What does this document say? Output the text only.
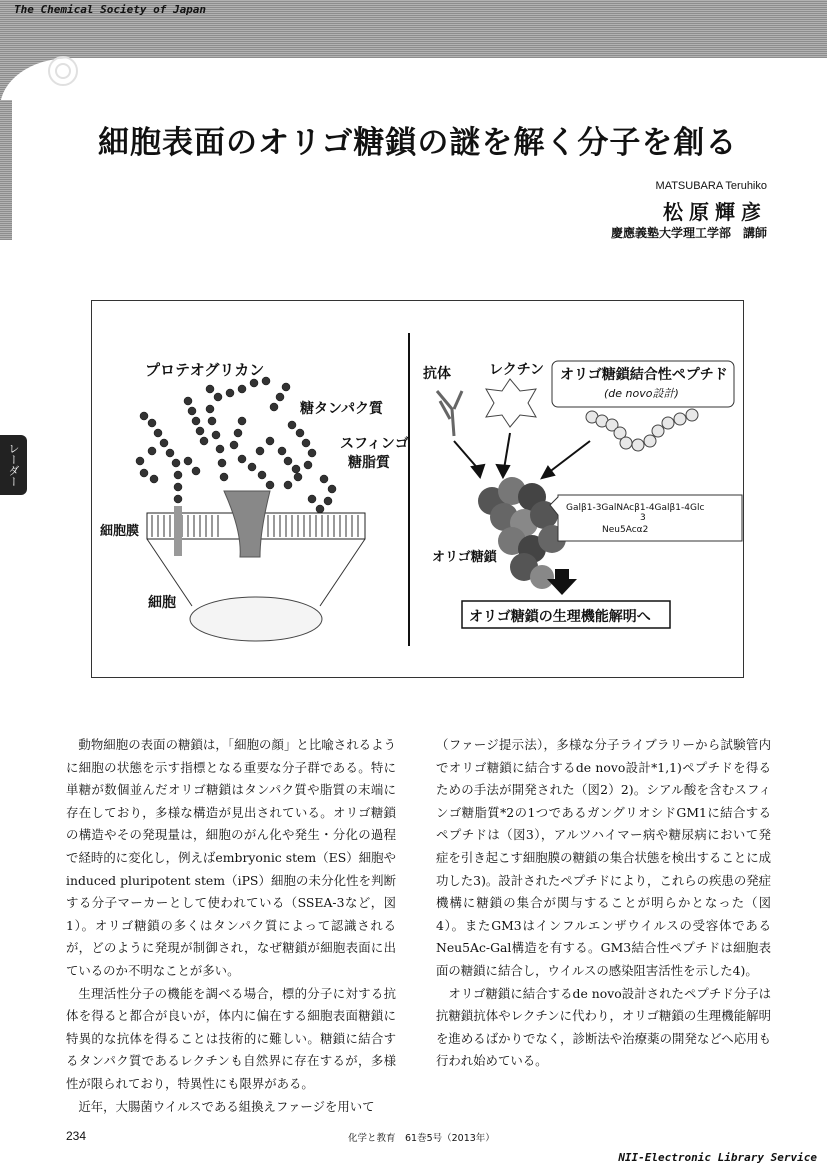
The Chemical Society of Japan
レーダー
細胞表面のオリゴ糖鎖の謎を解く分子を創る
MATSUBARA Teruhiko
松原輝彦
慶應義塾大学理工学部　講師
レーダー
プロテオグリカン
糖タンパク質
スフィンゴ
糖脂質
細胞膜
細胞
抗体	レクチン オリゴ糖鎖結合性ペプチド
(de novo設計)
Galβ1-3GalNAcβ1-4Galβ1-4Glc
3
Neu5Acα2
オリゴ糖鎖
オリゴ糖鎖の生理機能解明へ

動物細胞の表面の糖鎖は，「細胞の顔」と比喩されるように細胞の状態を示す指標となる重要な分子群である。特に単糖が数個並んだオリゴ糖鎖はタンパク質や脂質の末端に存在しており，多様な構造が見出されている。オリゴ糖鎖の構造やその発現量は，細胞のがん化や発生・分化の過程で経時的に変化し，例えばembryonic stem（ES）細胞やinduced pluripotent stem（iPS）細胞の未分化性を判断する分子マーカーとして使われている（SSEA-3など，図1）。オリゴ糖鎖の多くはタンパク質によって認識されるが，どのように発現が制御され，なぜ糖鎖が細胞表面に出ているのか不明なことが多い。

生理活性分子の機能を調べる場合，標的分子に対する抗体を得ると都合が良いが，体内に偏在する細胞表面糖鎖に特異的な抗体を得ることは技術的に難しい。糖鎖に結合するタンパク質であるレクチンも自然界に存在するが，多様性が限られており，特異性にも限界がある。

近年，大腸菌ウイルスである組換えファージを用いて

（ファージ提示法），多様な分子ライブラリーから試験管内でオリゴ糖鎖に結合するde novo設計*1,1)ペプチドを得るための手法が開発された（図2）2)。シアル酸を含むスフィンゴ糖脂質*2の1つであるガングリオシドGM1に結合するペプチドは（図3），アルツハイマー病や糖尿病において発症を引き起こす細胞膜の糖鎖の集合状態を検出することに成功した3)。設計されたペプチドにより，これらの疾患の発症機構に糖鎖の集合が関与することが明らかとなった（図4）。またGM3はインフルエンザウイルスの受容体であるNeu5Ac-Gal構造を有する。GM3結合性ペプチドは細胞表面の糖鎖に結合し，ウイルスの感染阻害活性を示した4)。

オリゴ糖鎖に結合するde novo設計されたペプチド分子は抗糖鎖抗体やレクチンに代わり，オリゴ糖鎖の生理機能解明を進めるばかりでなく，診断法や治療薬の開発などへ応用も行われ始めている。

234	化学と教育　61巻5号（2013年）
NII-Electronic Library Service
